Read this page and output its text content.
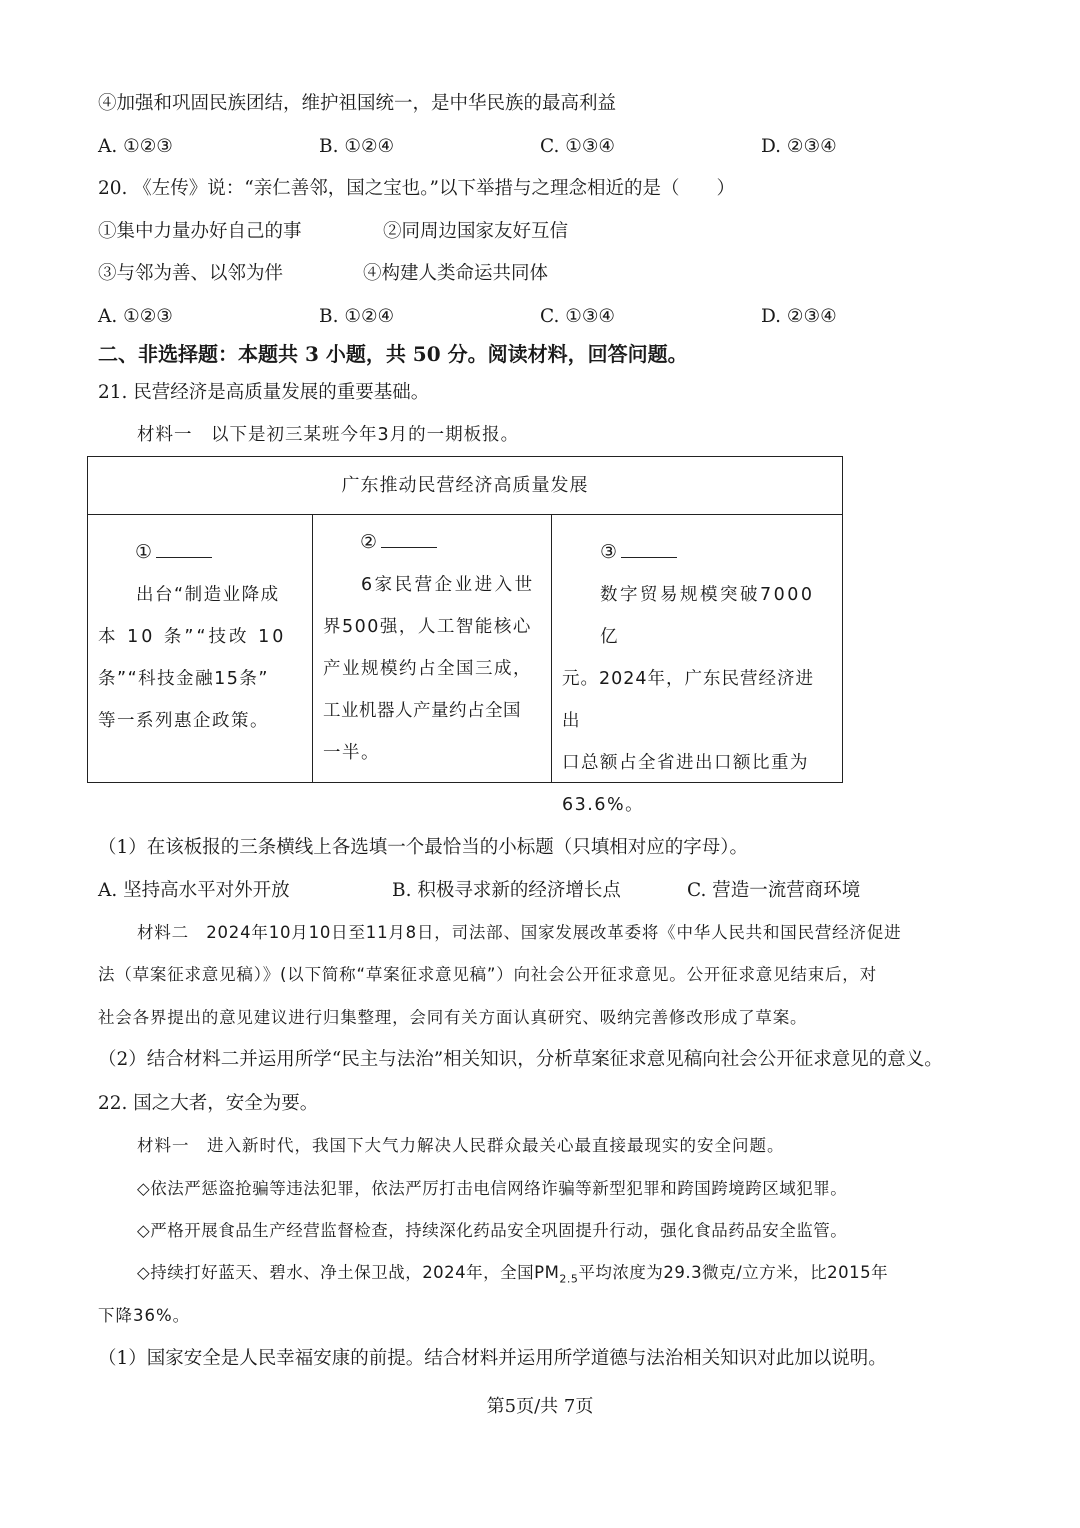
④加强和巩固民族团结，维护祖国统一，是中华民族的最高利益
A. ①②③	B. ①②④	C. ①③④	D. ②③④
20. 《左传》说：“亲仁善邻，国之宝也。”以下举措与之理念相近的是（　　）
①集中力量办好自己的事	②同周边国家友好互信
③与邻为善、以邻为伴	④构建人类命运共同体
A. ①②③	B. ①②④	C. ①③④	D. ②③④
二、非选择题：本题共 3 小题，共 50 分。阅读材料，回答问题。
21. 民营经济是高质量发展的重要基础。
材料一　以下是初三某班今年3月的一期板报。
广东推动民营经济高质量发展
①
出台“制造业降成
本 10 条”“技改 10
条”“科技金融15条”
等一系列惠企政策。
②
6家民营企业进入世
界500强，人工智能核心
产业规模约占全国三成，
工业机器人产量约占全国
一半。
③
数字贸易规模突破7000亿
元。2024年，广东民营经济进出
口总额占全省进出口额比重为
63.6%。
（1）在该板报的三条横线上各选填一个最恰当的小标题（只填相对应的字母）。
A. 坚持高水平对外开放	B. 积极寻求新的经济增长点	C. 营造一流营商环境
材料二　2024年10月10日至11月8日，司法部、国家发展改革委将《中华人民共和国民营经济促进
法（草案征求意见稿）》(以下简称“草案征求意见稿”）向社会公开征求意见。公开征求意见结束后，对
社会各界提出的意见建议进行归集整理，会同有关方面认真研究、吸纳完善修改形成了草案。
（2）结合材料二并运用所学“民主与法治”相关知识，分析草案征求意见稿向社会公开征求意见的意义。
22. 国之大者，安全为要。
材料一　进入新时代，我国下大气力解决人民群众最关心最直接最现实的安全问题。
◇依法严惩盗抢骗等违法犯罪，依法严厉打击电信网络诈骗等新型犯罪和跨国跨境跨区域犯罪。
◇严格开展食品生产经营监督检查，持续深化药品安全巩固提升行动，强化食品药品安全监管。
◇持续打好蓝天、碧水、净土保卫战，2024年，全国$PM_{2.5}$平均浓度为29.3微克/立方米，比2015年
下降36%。
（1）国家安全是人民幸福安康的前提。结合材料并运用所学道德与法治相关知识对此加以说明。
第5页/共 7页
